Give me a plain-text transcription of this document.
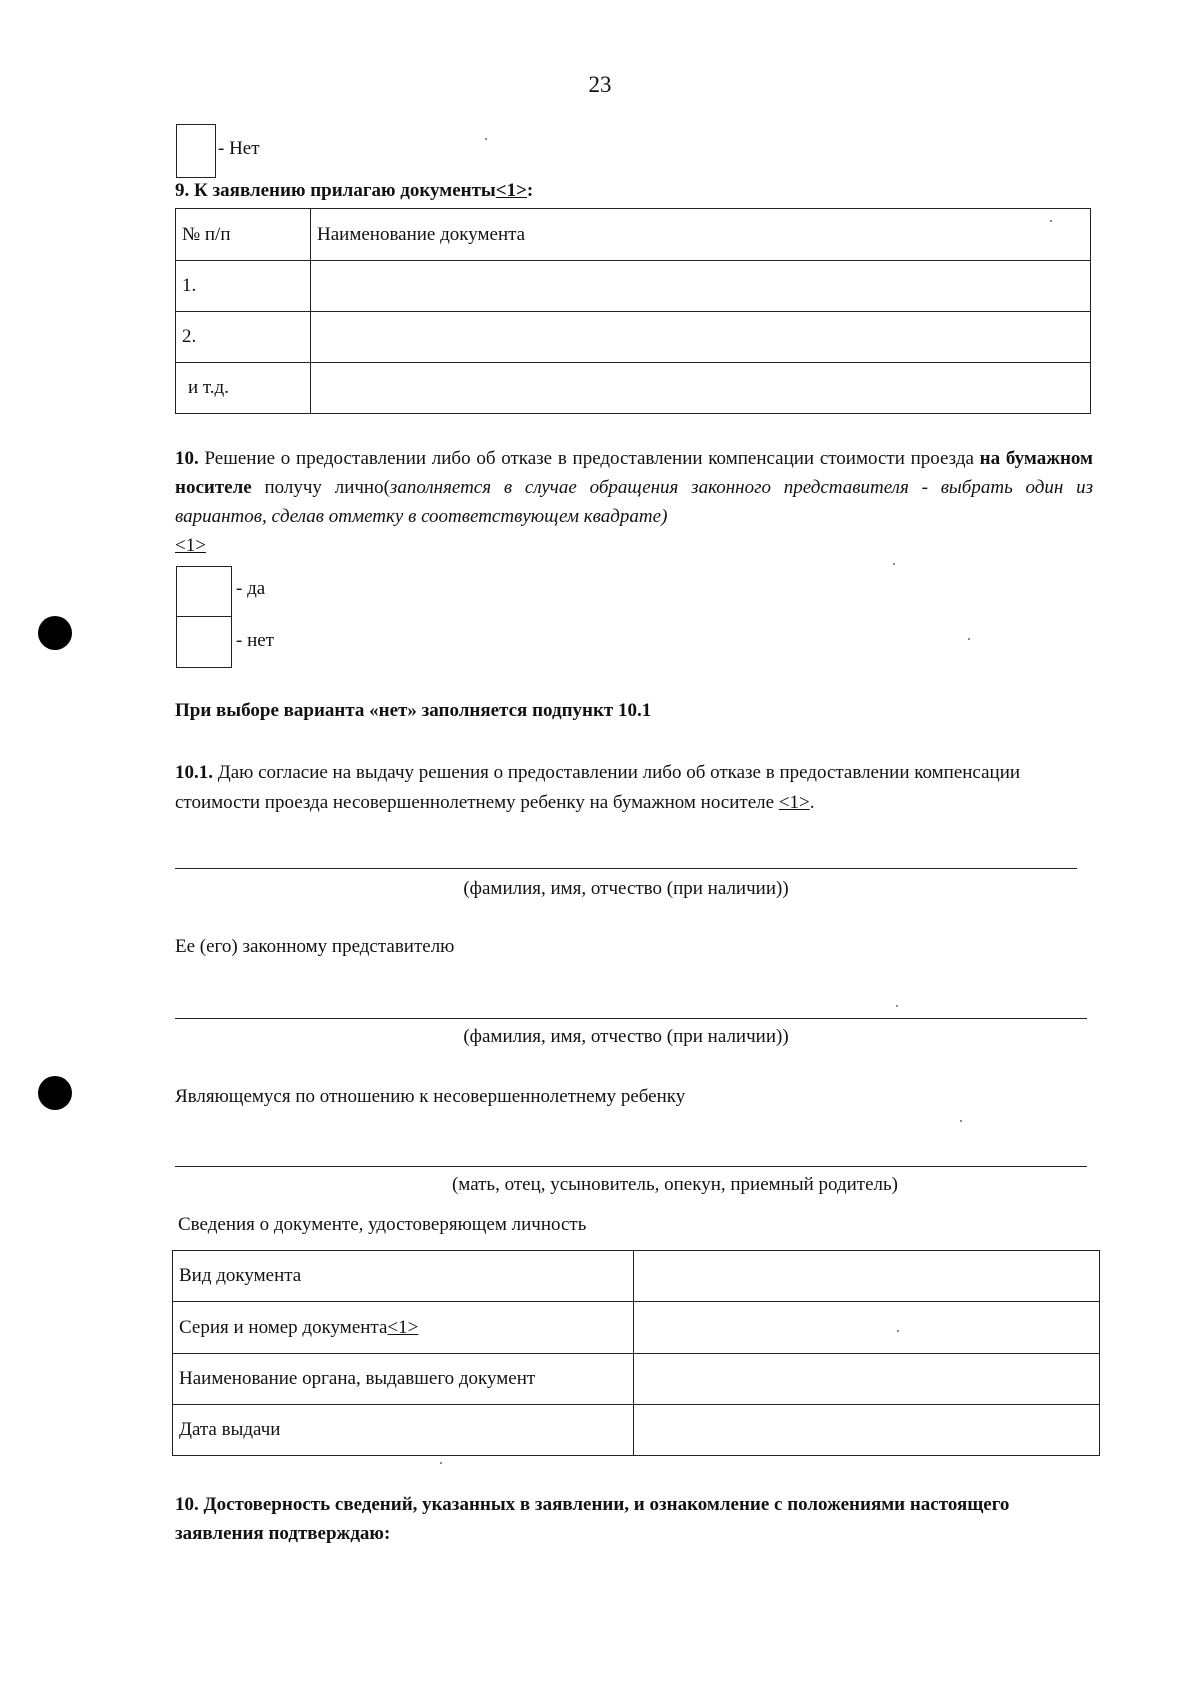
23
- Нет
9. К заявлению прилагаю документы<1>:
№ п/п	Наименование документа
1.	
2.	
и т.д.	
10. Решение о предоставлении либо об отказе в предоставлении компенсации стоимости проезда на бумажном носителе получу лично(заполняется в случае обращения законного представителя - выбрать один из вариантов, сделав отметку в соответствующем квадрате)
<1>
- да
- нет
При выборе варианта «нет» заполняется подпункт 10.1
10.1. Даю согласие на выдачу решения о предоставлении либо об отказе в предоставлении компенсации стоимости проезда несовершеннолетнему ребенку на бумажном носителе <1>.
(фамилия, имя, отчество (при наличии))
Ее (его) законному представителю
(фамилия, имя, отчество (при наличии))
Являющемуся по отношению к несовершеннолетнему ребенку
(мать, отец, усыновитель, опекун, приемный родитель)
Сведения о документе, удостоверяющем личность
Вид документа	
Серия и номер документа<1>	
Наименование органа, выдавшего документ	
Дата выдачи	
10. Достоверность сведений, указанных в заявлении, и ознакомление с положениями настоящего заявления подтверждаю:
